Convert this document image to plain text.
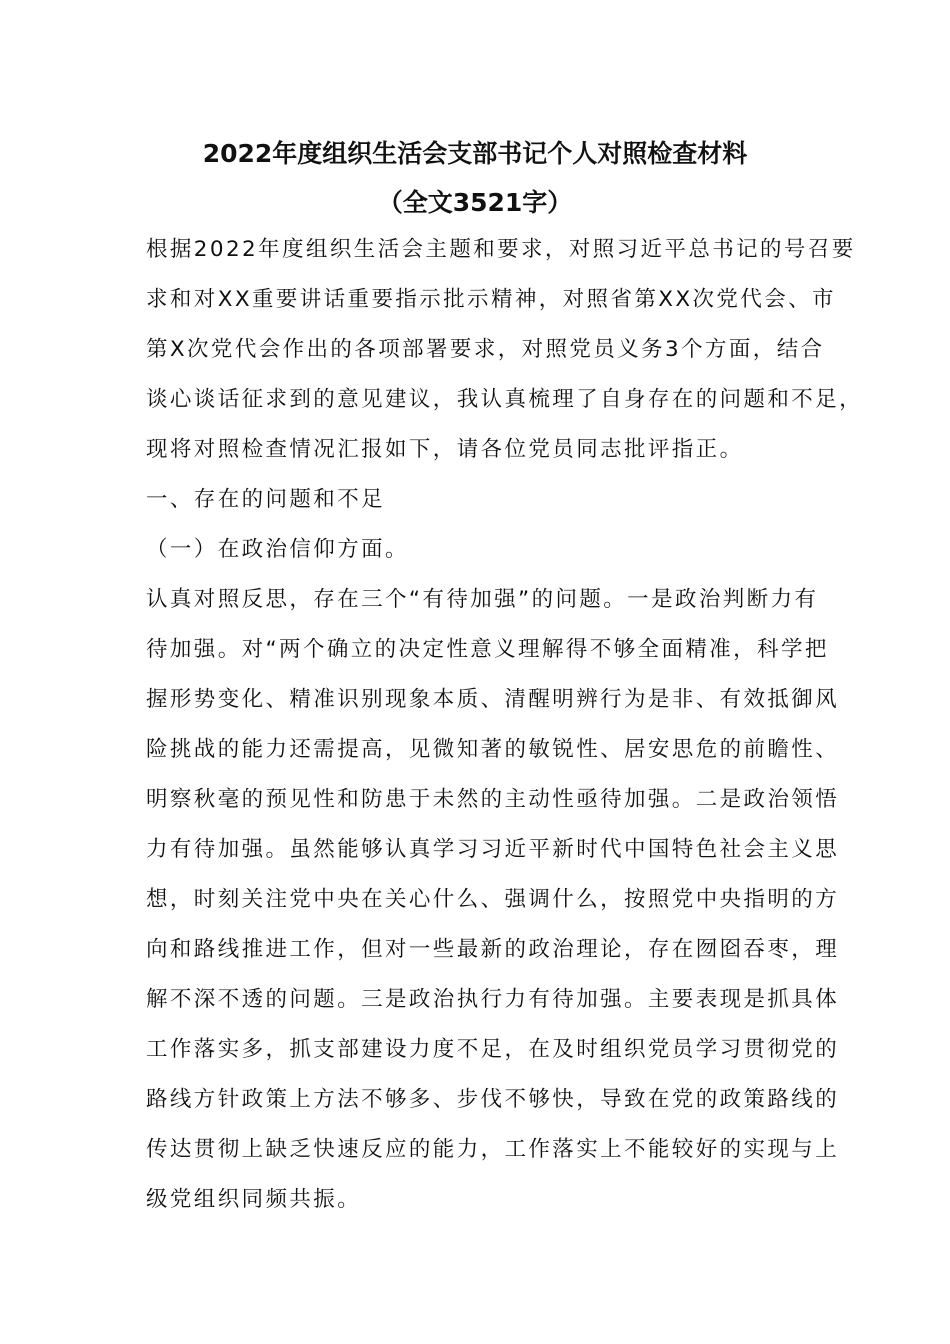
2022年度组织生活会支部书记个人对照检查材料
（全文3521字）

根据2022年度组织生活会主题和要求，对照习近平总书记的号召要

求和对XX重要讲话重要指示批示精神，对照省第XX次党代会、市

第X次党代会作出的各项部署要求，对照党员义务3个方面，结合

谈心谈话征求到的意见建议，我认真梳理了自身存在的问题和不足，

现将对照检查情况汇报如下，请各位党员同志批评指正。

一、存在的问题和不足

（一）在政治信仰方面。

认真对照反思，存在三个“有待加强”的问题。一是政治判断力有

待加强。对“两个确立的决定性意义理解得不够全面精准，科学把

握形势变化、精准识别现象本质、清醒明辨行为是非、有效抵御风

险挑战的能力还需提高，见微知著的敏锐性、居安思危的前瞻性、

明察秋毫的预见性和防患于未然的主动性亟待加强。二是政治领悟

力有待加强。虽然能够认真学习习近平新时代中国特色社会主义思

想，时刻关注党中央在关心什么、强调什么，按照党中央指明的方

向和路线推进工作，但对一些最新的政治理论，存在囫囵吞枣，理

解不深不透的问题。三是政治执行力有待加强。主要表现是抓具体

工作落实多，抓支部建设力度不足，在及时组织党员学习贯彻党的

路线方针政策上方法不够多、步伐不够快，导致在党的政策路线的

传达贯彻上缺乏快速反应的能力，工作落实上不能较好的实现与上

级党组织同频共振。
